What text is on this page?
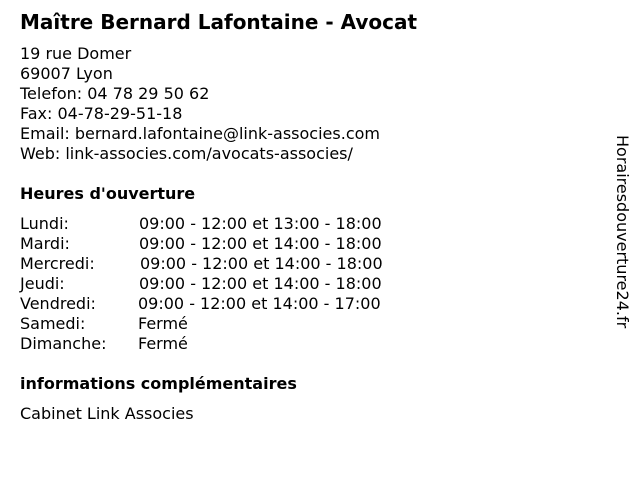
Maître Bernard Lafontaine - Avocat
19 rue Domer
69007 Lyon
Telefon: 04 78 29 50 62
Fax: 04-78-29-51-18
Email: bernard.lafontaine@link-associes.com
Web: link-associes.com/avocats-associes/
Heures d'ouverture
Lundi:	09:00 - 12:00 et 13:00 - 18:00
Mardi:	09:00 - 12:00 et 14:00 - 18:00
Mercredi:	09:00 - 12:00 et 14:00 - 18:00
Jeudi:	09:00 - 12:00 et 14:00 - 18:00
Vendredi:	09:00 - 12:00 et 14:00 - 17:00
Samedi:	Fermé
Dimanche: Fermé
informations complémentaires
Cabinet Link Associes
Horairesdouverture24.fr
